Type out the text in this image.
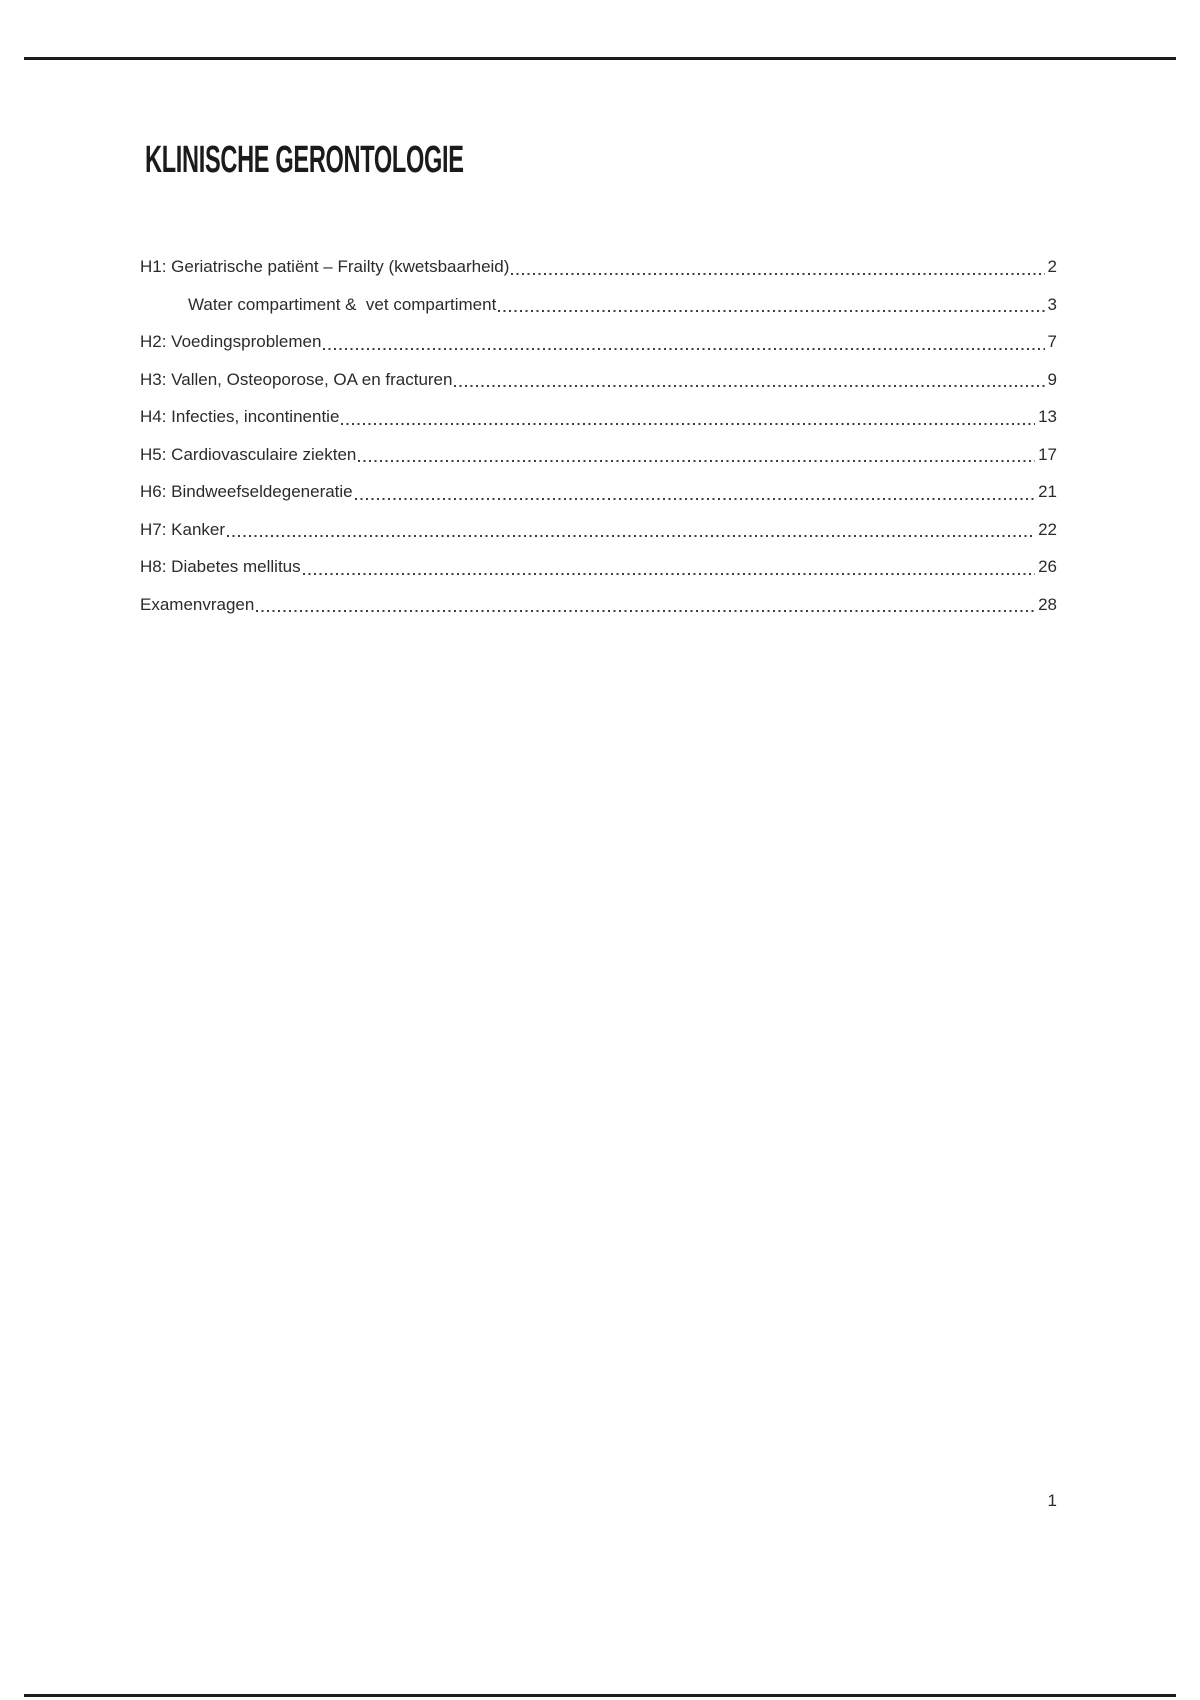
KLINISCHE GERONTOLOGIE
H1: Geriatrische patiënt – Frailty (kwetsbaarheid)	2
Water compartiment &  vet compartiment	3
H2: Voedingsproblemen	7
H3: Vallen, Osteoporose, OA en fracturen	9
H4: Infecties, incontinentie	13
H5: Cardiovasculaire ziekten	17
H6: Bindweefseldegeneratie	21
H7: Kanker	22
H8: Diabetes mellitus	26
Examenvragen	28
1
